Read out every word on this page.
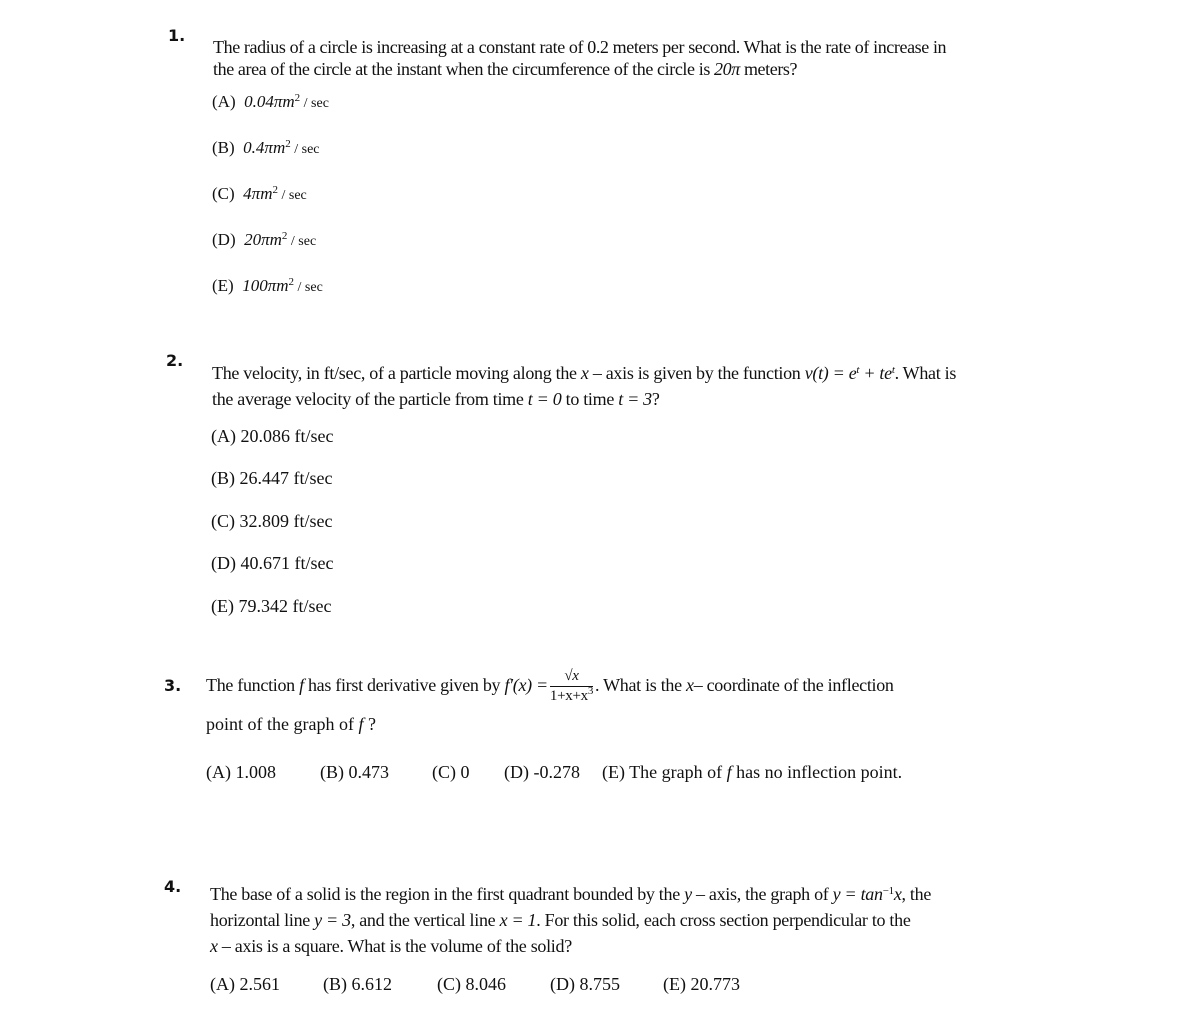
1.
The radius of a circle is increasing at a constant rate of 0.2 meters per second. What is the rate of increase in
the area of the circle at the instant when the circumference of the circle is 20π meters?
(A) $0.04\pi m^2$ / sec
(B) $0.4\pi m^2$ / sec
(C) $4\pi m^2$ / sec
(D) $20\pi m^2$ / sec
(E) $100\pi m^2$ / sec
2.
The velocity, in ft/sec, of a particle moving along the x – axis is given by the function $v(t) = e^t + te^t$. What is
the average velocity of the particle from time t = 0 to time t = 3?
(A) 20.086 ft/sec
(B) 26.447 ft/sec
(C) 32.809 ft/sec
(D) 40.671 ft/sec
(E) 79.342 ft/sec
3. The function
f
has first derivative given by
$f'(x) = \frac{√x}{1+x+x^3}$ . What is the
x – coordinate of the inflection
point of the graph of f ?
(A) 1.008 (B) 0.473 (C) 0 (D) -0.278 (E) The graph of f has no inflection point.
4. The base of a solid is the region in the first quadrant bounded by the y – axis, the graph of $y = \tan^{-1}x$, the
horizontal line y = 3, and the vertical line x = 1. For this solid, each cross section perpendicular to the
x – axis is a square. What is the volume of the solid?
(A) 2.561 (B) 6.612	(C) 8.046 (D) 8.755 (E) 20.773
